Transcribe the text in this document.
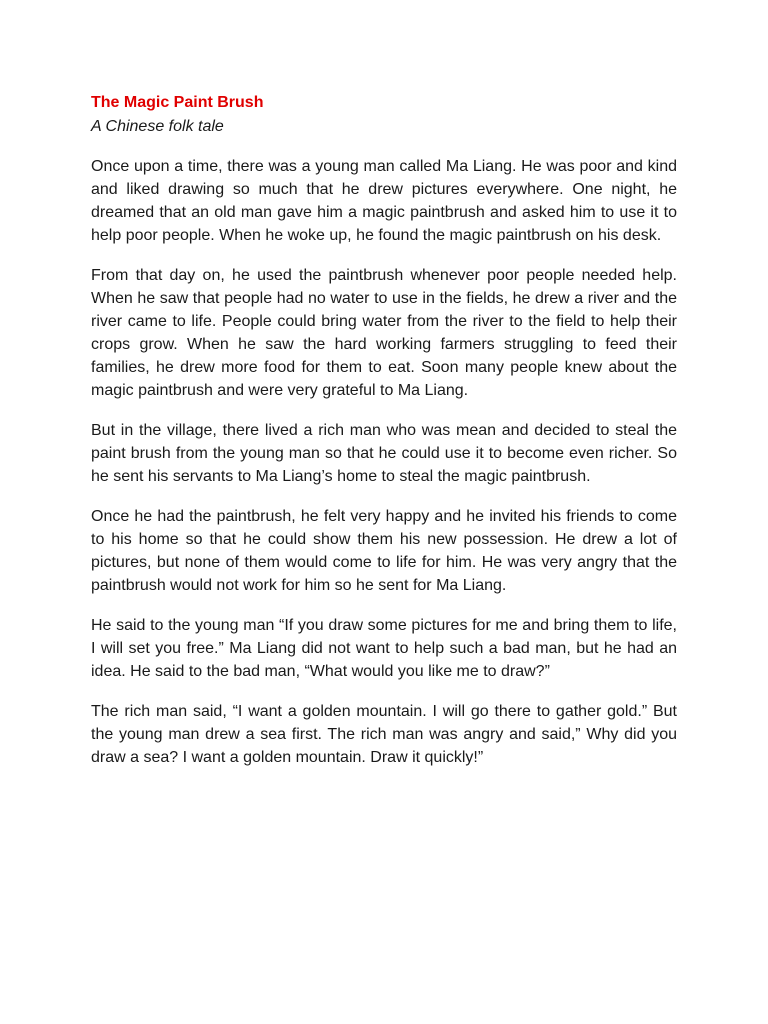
The Magic Paint Brush

A Chinese folk tale

Once upon a time, there was a young man called Ma Liang. He was poor and kind and liked drawing so much that he drew pictures everywhere. One night, he dreamed that an old man gave him a magic paintbrush and asked him to use it to help poor people. When he woke up, he found the magic paintbrush on his desk.

From that day on, he used the paintbrush whenever poor people needed help. When he saw that people had no water to use in the fields, he drew a river and the river came to life. People could bring water from the river to the field to help their crops grow. When he saw the hard working farmers struggling to feed their families, he drew more food for them to eat. Soon many people knew about the magic paintbrush and were very grateful to Ma Liang.

But in the village, there lived a rich man who was mean and decided to steal the paint brush from the young man so that he could use it to become even richer. So he sent his servants to Ma Liang’s home to steal the magic paintbrush.

Once he had the paintbrush, he felt very happy and he invited his friends to come to his home so that he could show them his new possession. He drew a lot of pictures, but none of them would come to life for him. He was very angry that the paintbrush would not work for him so he sent for Ma Liang.

He said to the young man “If you draw some pictures for me and bring them to life, I will set you free.” Ma Liang did not want to help such a bad man, but he had an idea. He said to the bad man, “What would you like me to draw?”

The rich man said, “I want a golden mountain. I will go there to gather gold.” But the young man drew a sea first. The rich man was angry and said,” Why did you draw a sea? I want a golden mountain. Draw it quickly!”
